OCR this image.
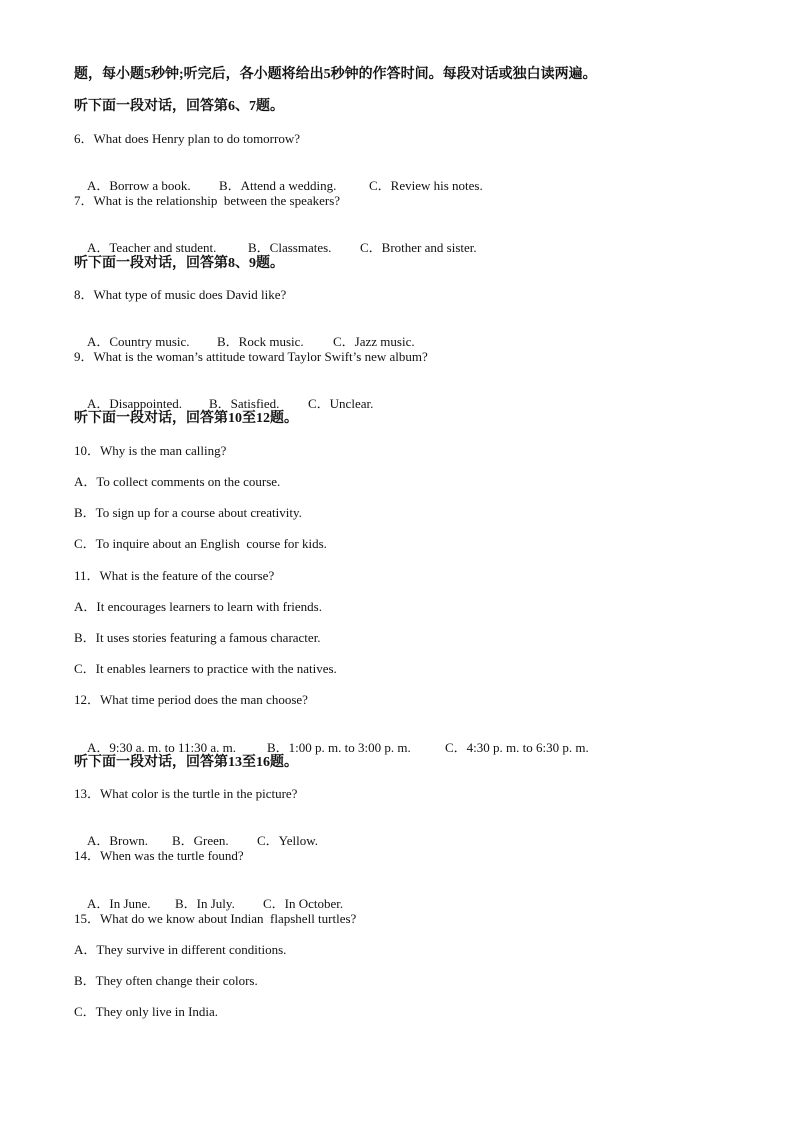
题，每小题5秒钟;听完后，各小题将给出5秒钟的作答时间。每段对话或独白读两遍。
听下面一段对话，回答第6、7题。
6．What does Henry plan to do tomorrow?

A．Borrow a book. B．Attend a wedding.	C．Review his notes.

7．What is the relationship  between the speakers?

A．Teacher and student. B．Classmates. C．Brother and sister.

听下面一段对话，回答第8、9题。
8．What type of music does David like?

A．Country music. B．Rock music. C．Jazz music.

9．What is the woman’s attitude toward Taylor Swift’s new album?

A．Disappointed. B．Satisfied. C．Unclear.

听下面一段对话，回答第10至12题。
10．Why is the man calling?
A．To collect comments on the course.
B．To sign up for a course about creativity.
C．To inquire about an English  course for kids.
11．What is the feature of the course?
A．It encourages learners to learn with friends.
B．It uses stories featuring a famous character.
C．It enables learners to practice with the natives.
12．What time period does the man choose?

A．9:30 a. m. to 11:30 a. m. B．1:00 p. m. to 3:00 p. m.	C．4:30 p. m. to 6:30 p. m.

听下面一段对话，回答第13至16题。
13．What color is the turtle in the picture?

A．Brown. B．Green. C．Yellow.

14．When was the turtle found?

A．In June. B．In July. C．In October.

15．What do we know about Indian  flapshell turtles?
A．They survive in different conditions.
B．They often change their colors.
C．They only live in India.
